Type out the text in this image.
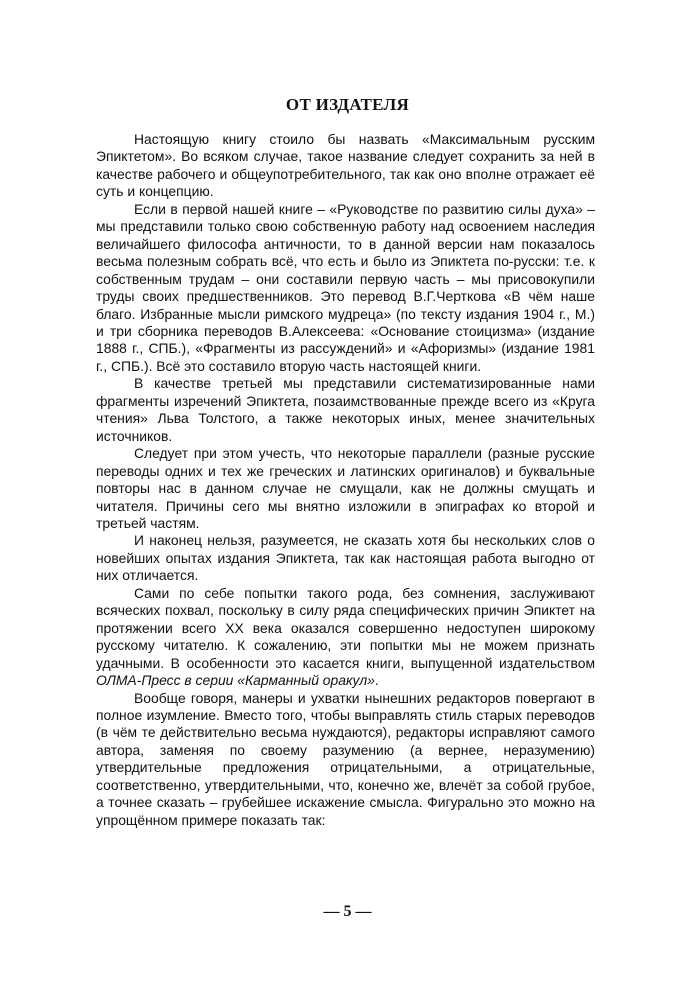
ОТ ИЗДАТЕЛЯ

Настоящую книгу стоило бы назвать «Максимальным русским Эпиктетом». Во всяком случае, такое название следует сохранить за ней в качестве рабочего и общеупотребительного, так как оно вполне отражает её суть и концепцию.

Если в первой нашей книге – «Руководстве по развитию силы духа» – мы представили только свою собственную работу над освоением наследия величайшего философа античности, то в данной версии нам показалось весьма полезным собрать всё, что есть и было из Эпиктета по-русски: т.е. к собственным трудам – они составили первую часть – мы присовокупили труды своих предшественников. Это перевод В.Г.Черткова «В чём наше благо. Избранные мысли римского мудреца» (по тексту издания 1904 г., М.) и три сборника переводов В.Алексеева: «Основание стоицизма» (издание 1888 г., СПБ.), «Фрагменты из рассуждений» и «Афоризмы» (издание 1981 г., СПБ.). Всё это составило вторую часть настоящей книги.

В качестве третьей мы представили систематизированные нами фрагменты изречений Эпиктета, позаимствованные прежде всего из «Круга чтения» Льва Толстого, а также некоторых иных, менее значительных источников.

Следует при этом учесть, что некоторые параллели (разные русские переводы одних и тех же греческих и латинских оригиналов) и буквальные повторы нас в данном случае не смущали, как не должны смущать и читателя. Причины сего мы внятно изложили в эпиграфах ко второй и третьей частям.

И наконец нельзя, разумеется, не сказать хотя бы нескольких слов о новейших опытах издания Эпиктета, так как настоящая работа выгодно от них отличается.

Сами по себе попытки такого рода, без сомнения, заслуживают всяческих похвал, поскольку в силу ряда специфических причин Эпиктет на протяжении всего XX века оказался совершенно недоступен широкому русскому читателю. К сожалению, эти попытки мы не можем признать удачными. В особенности это касается книги, выпущенной издательством ОЛМА-Пресс в серии «Карманный оракул».

Вообще говоря, манеры и ухватки нынешних редакторов повергают в полное изумление. Вместо того, чтобы выправлять стиль старых переводов (в чём те действительно весьма нуждаются), редакторы исправляют самого автора, заменяя по своему разумению (а вернее, неразумению) утвердительные предложения отрицательными, а отрицательные, соответственно, утвердительными, что, конечно же, влечёт за собой грубое, а точнее сказать – грубейшее искажение смысла. Фигурально это можно на упрощённом примере показать так:

— 5 —
